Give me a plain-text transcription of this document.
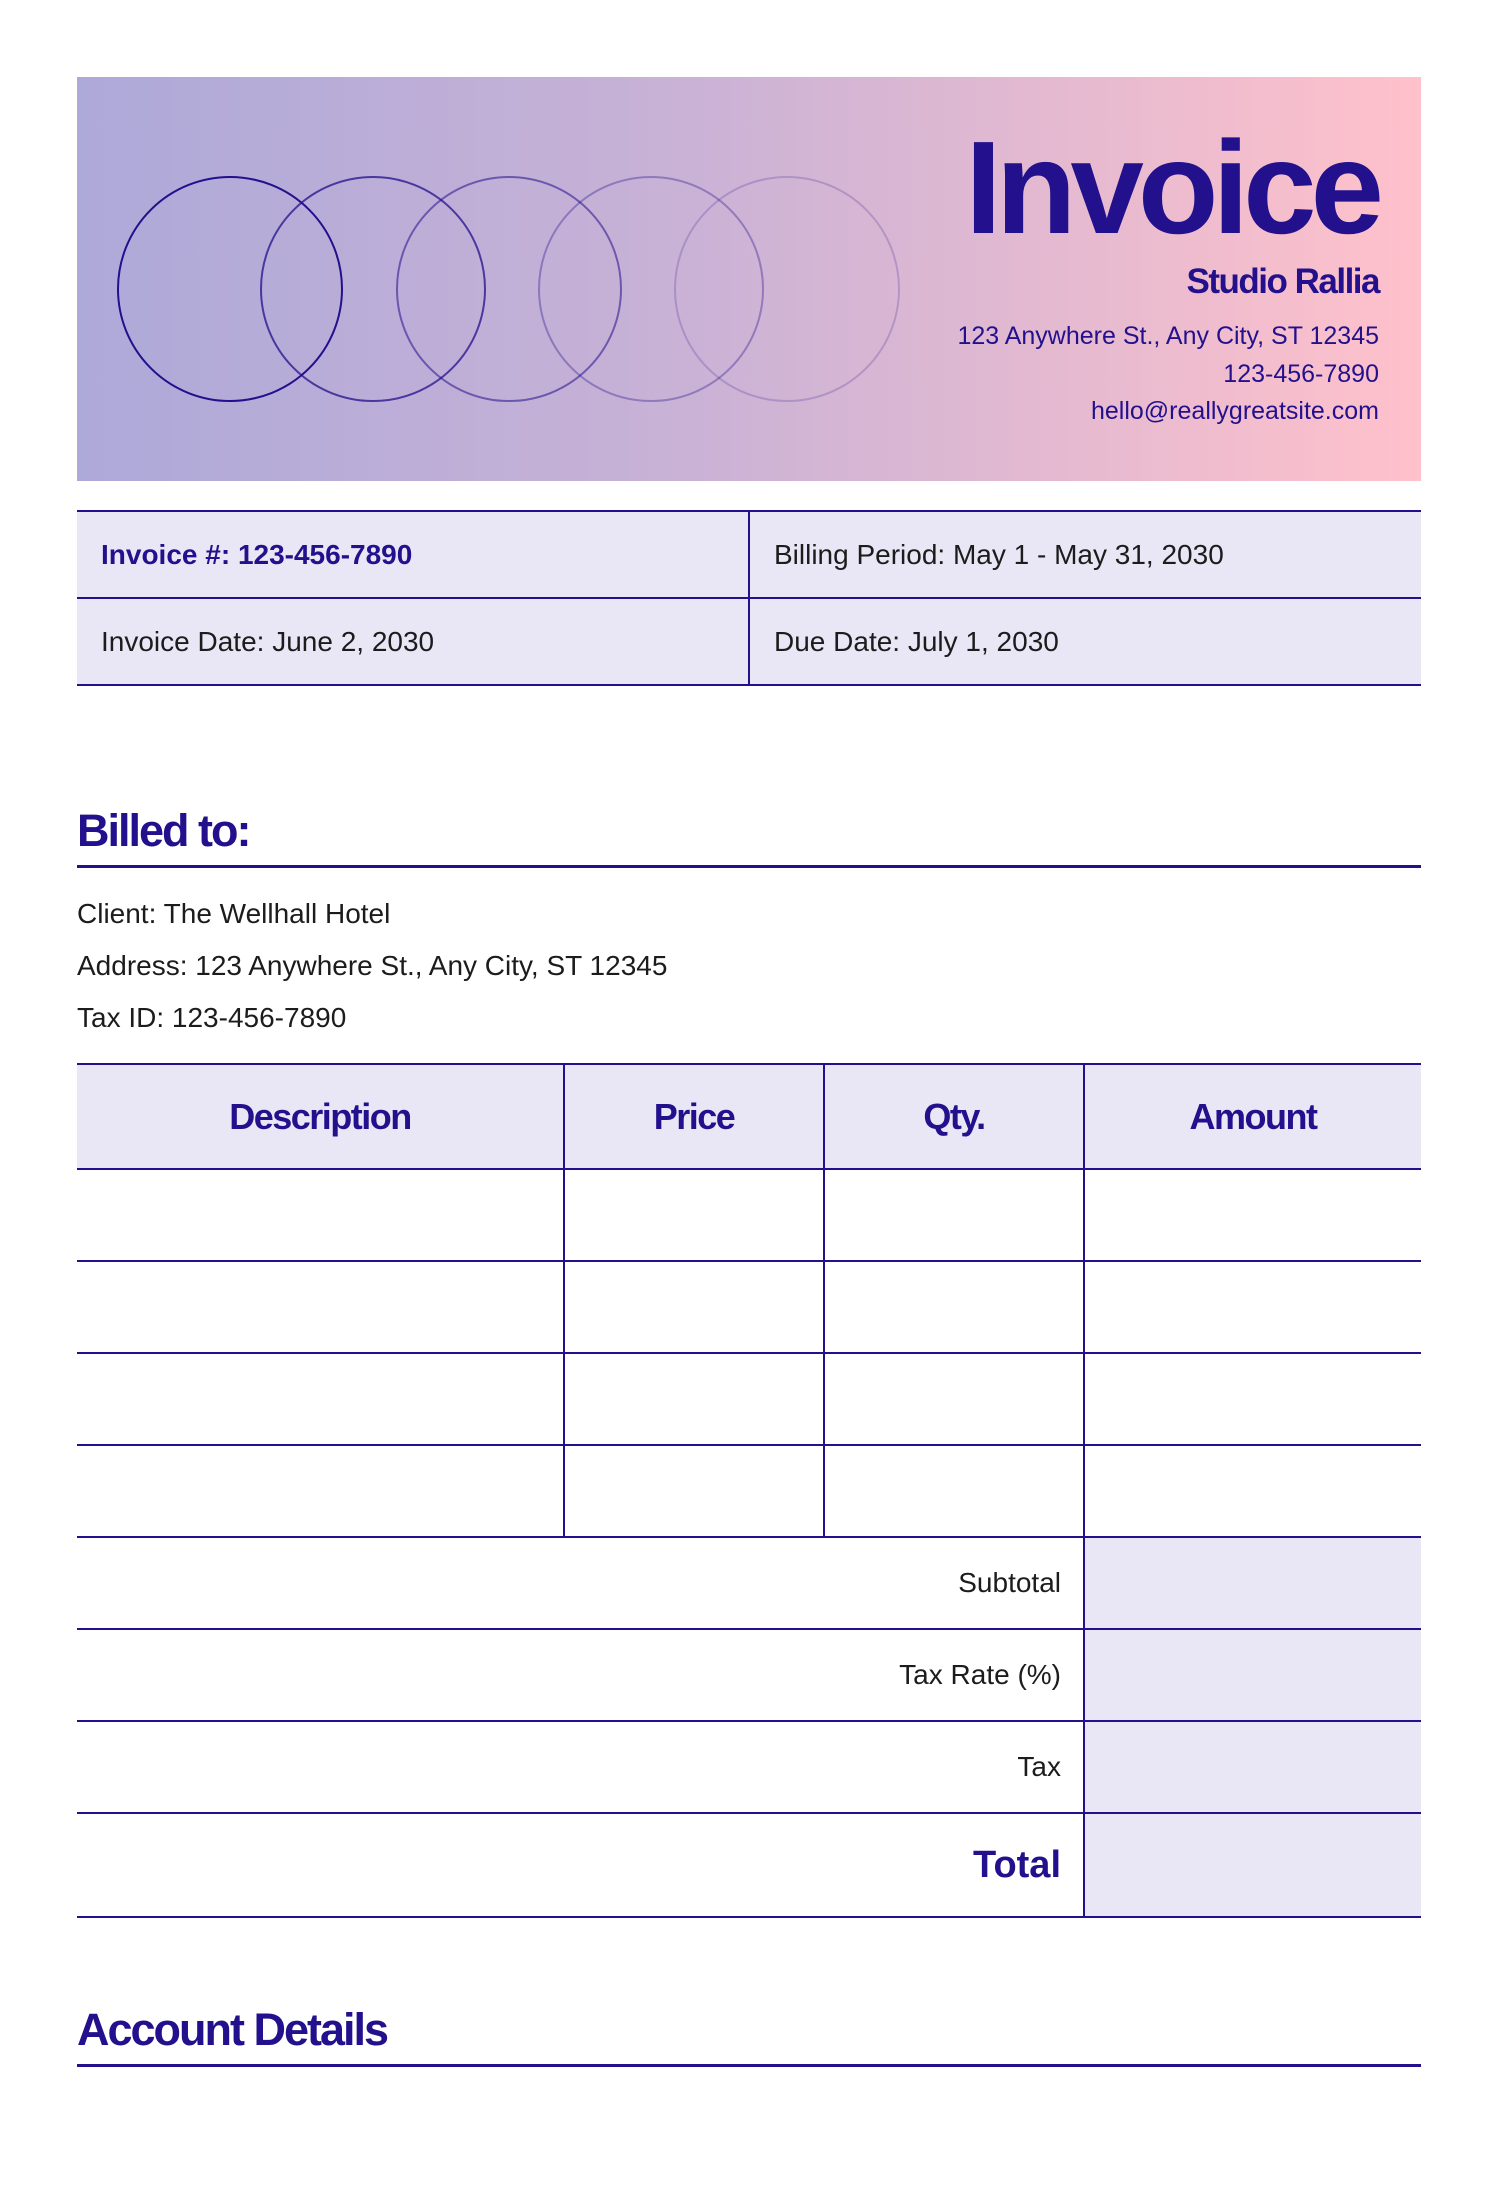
Invoice
Studio Rallia
123 Anywhere St., Any City, ST 12345
123-456-7890
hello@reallygreatsite.com
Invoice #: 123-456-7890	Billing Period: May 1 - May 31, 2030
Invoice Date: June 2, 2030	Due Date: July 1, 2030
Billed to:
Client: The Wellhall Hotel
Address: 123 Anywhere St., Any City, ST 12345
Tax ID: 123-456-7890
Description	Price	Qty.	Amount

Subtotal			
Tax Rate (%)			
Tax			
Total			
Account Details
